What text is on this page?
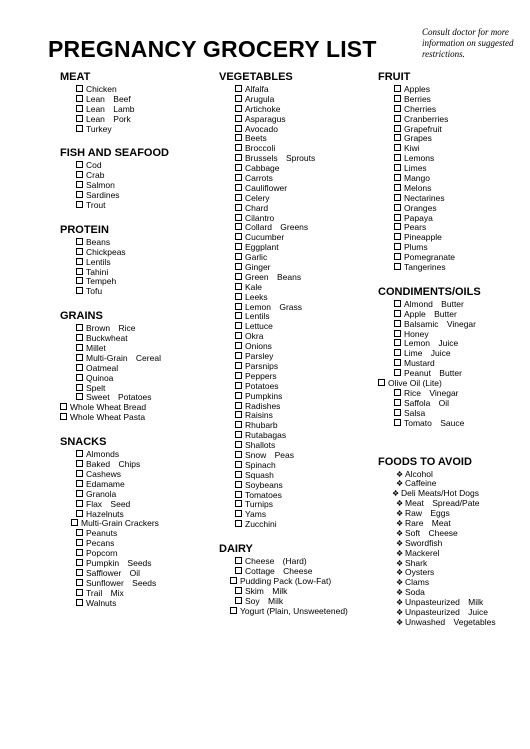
PREGNANCY GROCERY LIST
Consult doctor for more information on suggested restrictions.
MEAT
Chicken
Lean Beef
Lean Lamb
Lean Pork
Turkey
FISH AND SEAFOOD
Cod
Crab
Salmon
Sardines
Trout
PROTEIN
Beans
Chickpeas
Lentils
Tahini
Tempeh
Tofu
GRAINS
Brown Rice
Buckwheat
Millet
Multi-Grain Cereal
Oatmeal
Quinoa
Spelt
Sweet Potatoes
Whole Wheat Bread
Whole Wheat Pasta
SNACKS
Almonds
Baked Chips
Cashews
Edamame
Granola
Flax Seed
Hazelnuts
Multi-Grain Crackers
Peanuts
Pecans
Popcorn
Pumpkin Seeds
Safflower Oil
Sunflower Seeds
Trail Mix
Walnuts
VEGETABLES
Alfalfa
Arugula
Artichoke
Asparagus
Avocado
Beets
Broccoli
Brussels Sprouts
Cabbage
Carrots
Cauliflower
Celery
Chard
Cilantro
Collard Greens
Cucumber
Eggplant
Garlic
Ginger
Green Beans
Kale
Leeks
Lemon Grass
Lentils
Lettuce
Okra
Onions
Parsley
Parsnips
Peppers
Potatoes
Pumpkins
Radishes
Raisins
Rhubarb
Rutabagas
Shallots
Snow Peas
Spinach
Squash
Soybeans
Tomatoes
Turnips
Yams
Zucchini
DAIRY
Cheese (Hard)
Cottage Cheese
Pudding Pack (Low-Fat)
Skim Milk
Soy Milk
Yogurt (Plain, Unsweetened)
FRUIT
Apples
Berries
Cherries
Cranberries
Grapefruit
Grapes
Kiwi
Lemons
Limes
Mango
Melons
Nectarines
Oranges
Papaya
Pears
Pineapple
Plums
Pomegranate
Tangerines
CONDIMENTS/OILS
Almond Butter
Apple Butter
Balsamic Vinegar
Honey
Lemon Juice
Lime Juice
Mustard
Peanut Butter
Olive Oil (Lite)
Rice Vinegar
Saffola Oil
Salsa
Tomato Sauce
FOODS TO AVOID
❖ Alcohol
❖ Caffeine
❖ Deli Meats/Hot Dogs
❖ Meat Spread/Pate
❖ Raw Eggs
❖ Rare Meat
❖ Soft Cheese
❖ Swordfish
❖ Mackerel
❖ Shark
❖ Oysters
❖ Clams
❖ Soda
❖ Unpasteurized Milk
❖ Unpasteurized Juice
❖ Unwashed Vegetables
